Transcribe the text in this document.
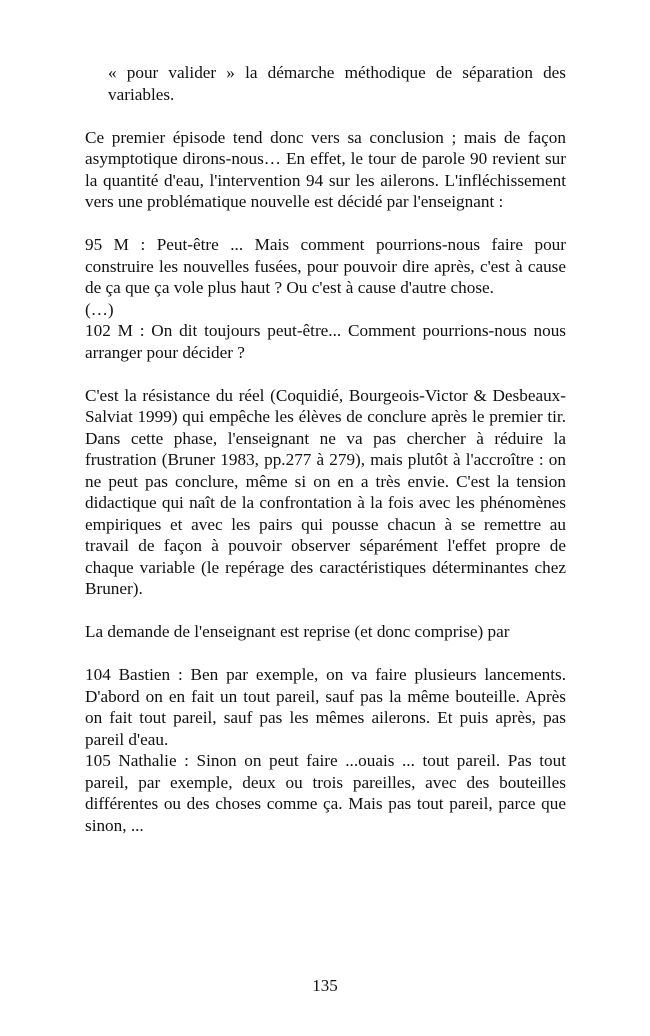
« pour valider » la démarche méthodique de séparation des variables.

Ce premier épisode tend donc vers sa conclusion ; mais de façon asymptotique dirons-nous… En effet, le tour de parole 90 revient sur la quantité d'eau, l'intervention 94 sur les ailerons. L'infléchissement vers une problématique nouvelle est décidé par l'enseignant :

95 M : Peut-être ... Mais comment pourrions-nous faire pour construire les nouvelles fusées, pour pouvoir dire après, c'est à cause de ça que ça vole plus haut ? Ou c'est à cause d'autre chose.

(…)

102 M : On dit toujours peut-être... Comment pourrions-nous nous arranger pour décider ?

C'est la résistance du réel (Coquidié, Bourgeois-Victor & Desbeaux-Salviat 1999) qui empêche les élèves de conclure après le premier tir. Dans cette phase, l'enseignant ne va pas chercher à réduire la frustration (Bruner 1983, pp.277 à 279), mais plutôt à l'accroître : on ne peut pas conclure, même si on en a très envie. C'est la tension didactique qui naît de la confrontation à la fois avec les phénomènes empiriques et avec les pairs qui pousse chacun à se remettre au travail de façon à pouvoir observer séparément l'effet propre de chaque variable (le repérage des caractéristiques déterminantes chez Bruner).

La demande de l'enseignant est reprise (et donc comprise) par

104 Bastien : Ben par exemple, on va faire plusieurs lancements. D'abord on en fait un tout pareil, sauf pas la même bouteille. Après on fait tout pareil, sauf pas les mêmes ailerons. Et puis après, pas pareil d'eau.

105 Nathalie : Sinon on peut faire ...ouais ... tout pareil. Pas tout pareil, par exemple, deux ou trois pareilles, avec des bouteilles différentes ou des choses comme ça. Mais pas tout pareil, parce que sinon, ...

135
